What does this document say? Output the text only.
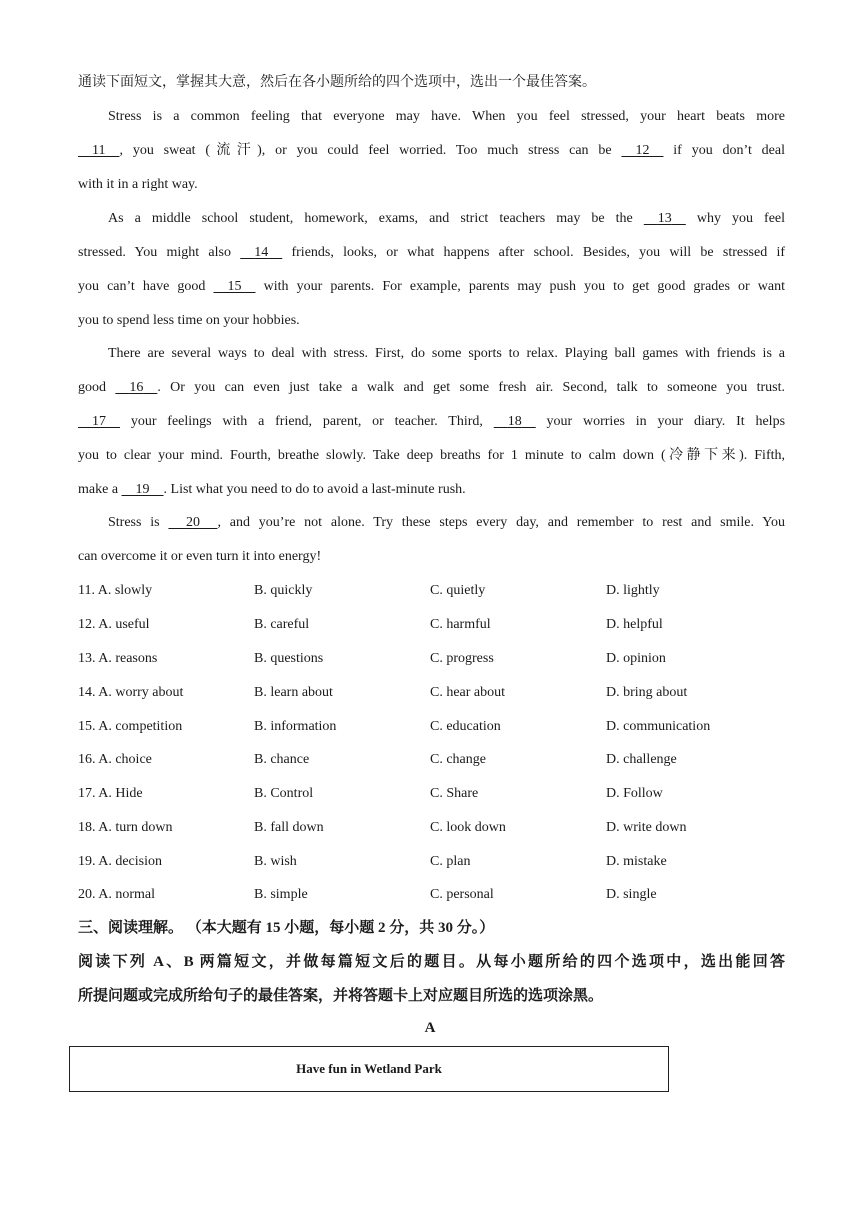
通读下面短文，掌握其大意，然后在各小题所给的四个选项中，选出一个最佳答案。
Stress is a common feeling that everyone may have. When you feel stressed, your heart beats more
11 , you sweat (流汗), or you could feel worried. Too much stress can be 12 if you don’t deal
with it in a right way.
As a middle school student, homework, exams, and strict teachers may be the 13 why you feel
stressed. You might also 14 friends, looks, or what happens after school. Besides, you will be stressed if
you can’t have good 15 with your parents. For example, parents may push you to get good grades or want
you to spend less time on your hobbies.
There are several ways to deal with stress. First, do some sports to relax. Playing ball games with friends is a
good 16 . Or you can even just take a walk and get some fresh air. Second, talk to someone you trust.
17 your feelings with a friend, parent, or teacher. Third, 18 your worries in your diary. It helps
you to clear your mind. Fourth, breathe slowly. Take deep breaths for 1 minute to calm down (冷静下来). Fifth,
make a 19 . List what you need to do to avoid a last-minute rush.
Stress is 20 , and you’re not alone. Try these steps every day, and remember to rest and smile. You
can overcome it or even turn it into energy!
11. A. slowly	B. quickly	C. quietly	D. lightly
12. A. useful	B. careful	C. harmful	D. helpful
13. A. reasons	B. questions	C. progress	D. opinion
14. A. worry about	B. learn about	C. hear about	D. bring about
15. A. competition	B. information	C. education	D. communication
16. A. choice	B. chance	C. change	D. challenge
17. A. Hide	B. Control	C. Share	D. Follow
18. A. turn down	B. fall down	C. look down	D. write down
19. A. decision	B. wish	C. plan	D. mistake
20. A. normal	B. simple	C. personal	D. single
三、阅读理解。 （本大题有 15 小题，每小题 2 分，共 30 分。）
阅读下列 A、B 两篇短文，并做每篇短文后的题目。从每小题所给的四个选项中，选出能回答
所提问题或完成所给句子的最佳答案，并将答题卡上对应题目所选的选项涂黑。
A
Have fun in Wetland Park
